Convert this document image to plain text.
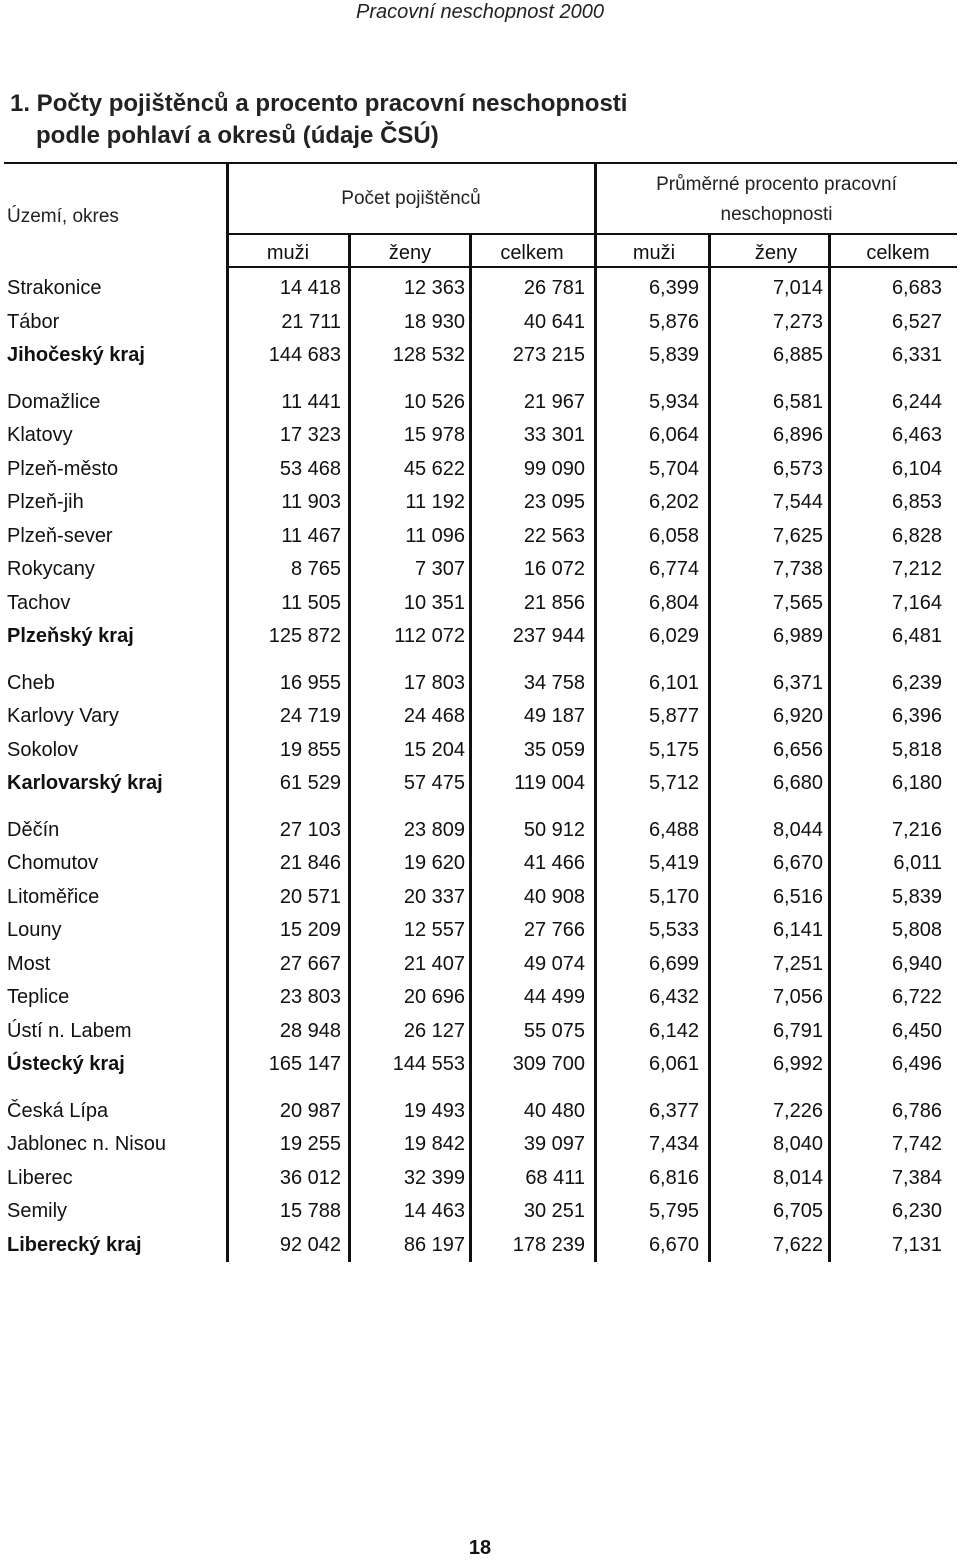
Pracovní neschopnost 2000
1. Počty pojištěnců a procento pracovní neschopnosti
podle pohlaví a okresů (údaje ČSÚ)
Území, okres
Počet pojištěnců
Průměrné procento pracovní
neschopnosti
muži	ženy	celkem	muži	ženy	celkem
Strakonice	14 418	12 363	26 781	6,399	7,014	6,683
Tábor	21 711	18 930	40 641	5,876	7,273	6,527
Jihočeský kraj	144 683	128 532	273 215	5,839	6,885	6,331
Domažlice	11 441	10 526	21 967	5,934	6,581	6,244
Klatovy	17 323	15 978	33 301	6,064	6,896	6,463
Plzeň-město	53 468	45 622	99 090	5,704	6,573	6,104
Plzeň-jih	11 903	11 192	23 095	6,202	7,544	6,853
Plzeň-sever	11 467	11 096	22 563	6,058	7,625	6,828
Rokycany	8 765	7 307	16 072	6,774	7,738	7,212
Tachov	11 505	10 351	21 856	6,804	7,565	7,164
Plzeňský kraj	125 872	112 072	237 944	6,029	6,989	6,481
Cheb	16 955	17 803	34 758	6,101	6,371	6,239
Karlovy Vary	24 719	24 468	49 187	5,877	6,920	6,396
Sokolov	19 855	15 204	35 059	5,175	6,656	5,818
Karlovarský kraj	61 529	57 475	119 004	5,712	6,680	6,180
Děčín	27 103	23 809	50 912	6,488	8,044	7,216
Chomutov	21 846	19 620	41 466	5,419	6,670	6,011
Litoměřice	20 571	20 337	40 908	5,170	6,516	5,839
Louny	15 209	12 557	27 766	5,533	6,141	5,808
Most	27 667	21 407	49 074	6,699	7,251	6,940
Teplice	23 803	20 696	44 499	6,432	7,056	6,722
Ústí n. Labem	28 948	26 127	55 075	6,142	6,791	6,450
Ústecký kraj	165 147	144 553	309 700	6,061	6,992	6,496
Česká Lípa	20 987	19 493	40 480	6,377	7,226	6,786
Jablonec n. Nisou	19 255	19 842	39 097	7,434	8,040	7,742
Liberec	36 012	32 399	68 411	6,816	8,014	7,384
Semily	15 788	14 463	30 251	5,795	6,705	6,230
Liberecký kraj	92 042	86 197	178 239	6,670	7,622	7,131
18
